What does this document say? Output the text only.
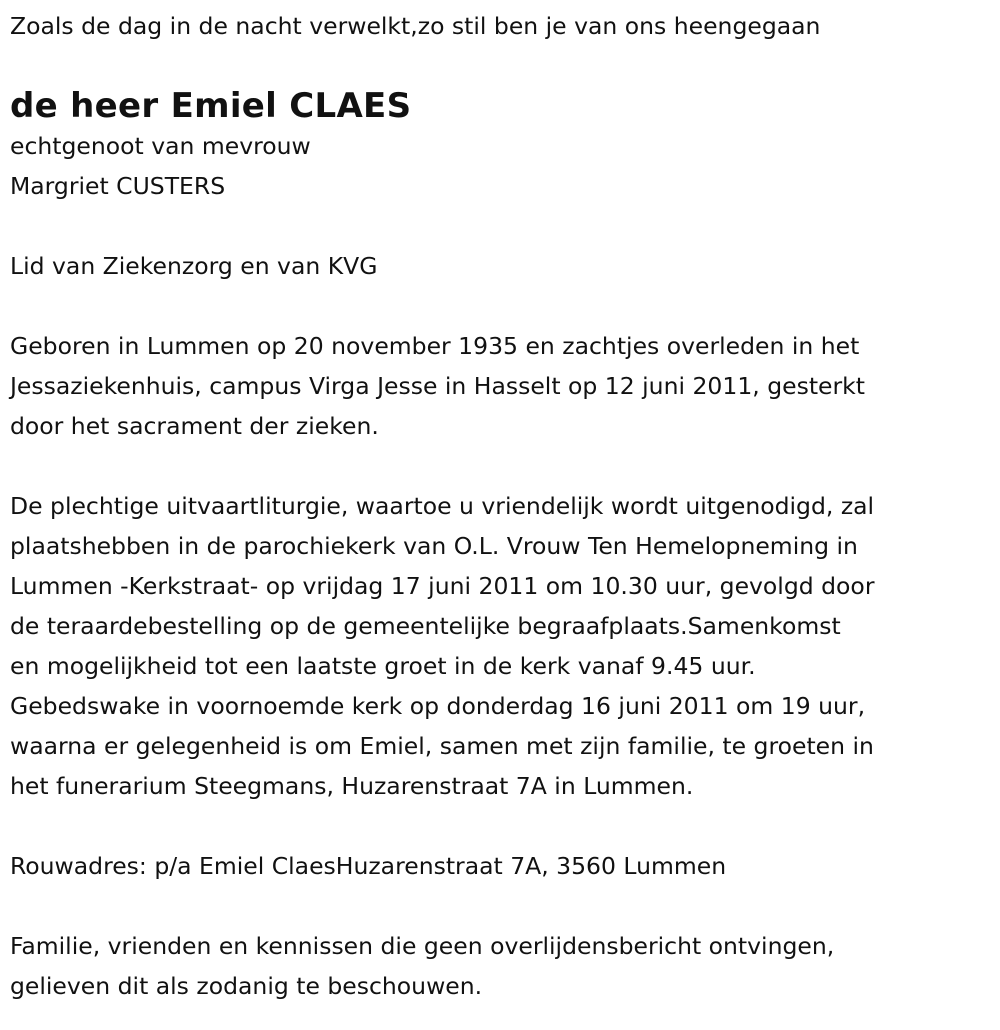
Zoals de dag in de nacht verwelkt,zo stil ben je van ons heengegaan

de heer Emiel CLAES

echtgenoot van mevrouw

Margriet CUSTERS

Lid van Ziekenzorg en van KVG

Geboren in Lummen op 20 november 1935 en zachtjes overleden in het

Jessaziekenhuis, campus Virga Jesse in Hasselt op 12 juni 2011, gesterkt

door het sacrament der zieken.

De plechtige uitvaartliturgie, waartoe u vriendelijk wordt uitgenodigd, zal

plaatshebben in de parochiekerk van O.L. Vrouw Ten Hemelopneming in

Lummen -Kerkstraat- op vrijdag 17 juni 2011 om 10.30 uur, gevolgd door

de teraardebestelling op de gemeentelijke begraafplaats.Samenkomst

en mogelijkheid tot een laatste groet in de kerk vanaf 9.45 uur.

Gebedswake in voornoemde kerk op donderdag 16 juni 2011 om 19 uur,

waarna er gelegenheid is om Emiel, samen met zijn familie, te groeten in

het funerarium Steegmans, Huzarenstraat 7A in Lummen.

Rouwadres: p/a Emiel ClaesHuzarenstraat 7A, 3560 Lummen

Familie, vrienden en kennissen die geen overlijdensbericht ontvingen,

gelieven dit als zodanig te beschouwen.
